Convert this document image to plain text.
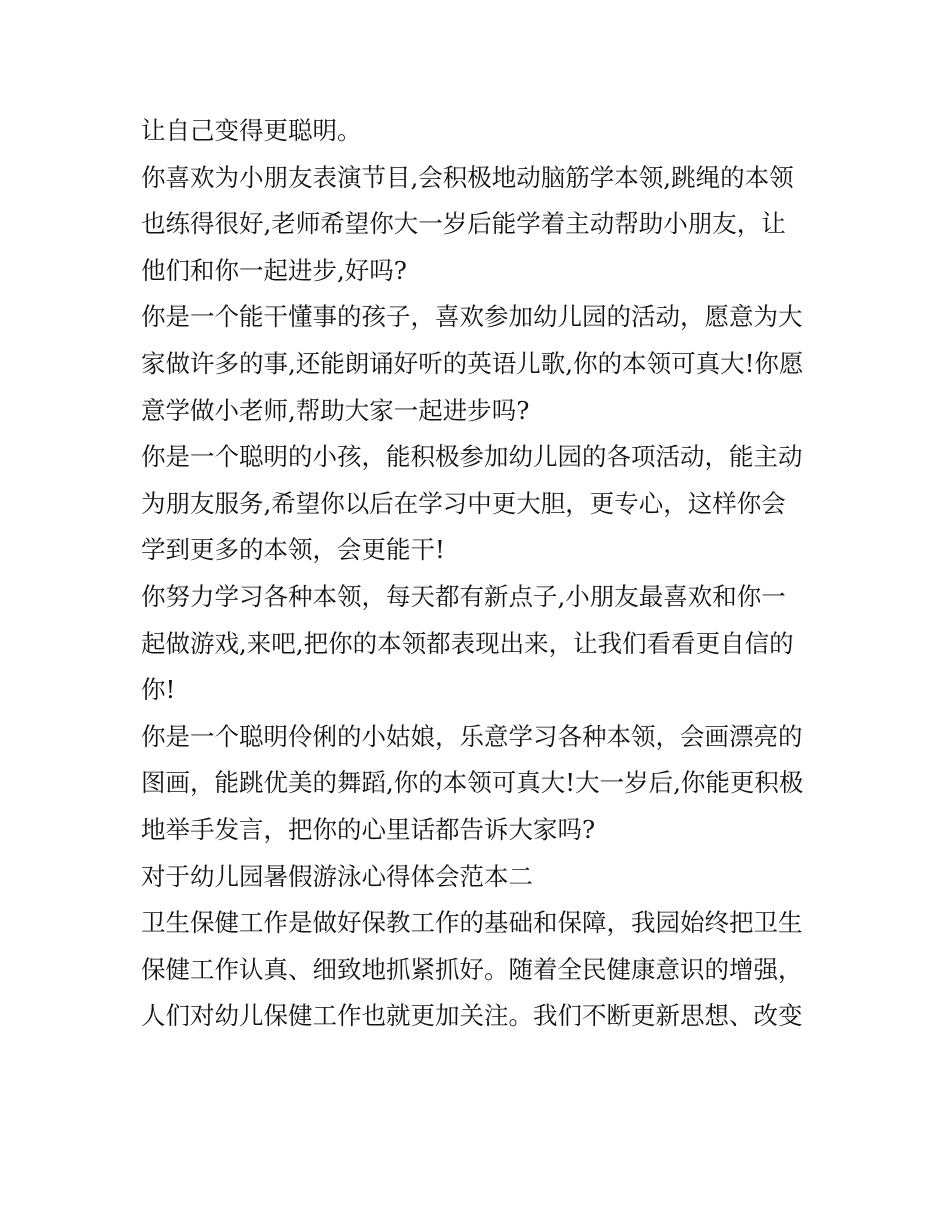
让自己变得更聪明。
你喜欢为小朋友表演节目,会积极地动脑筋学本领,跳绳的本领
也练得很好,老师希望你大一岁后能学着主动帮助小朋友，让
他们和你一起进步,好吗?
你是一个能干懂事的孩子，喜欢参加幼儿园的活动，愿意为大
家做许多的事,还能朗诵好听的英语儿歌,你的本领可真大!你愿
意学做小老师,帮助大家一起进步吗?
你是一个聪明的小孩，能积极参加幼儿园的各项活动，能主动
为朋友服务,希望你以后在学习中更大胆，更专心，这样你会
学到更多的本领，会更能干!
你努力学习各种本领，每天都有新点子,小朋友最喜欢和你一
起做游戏,来吧,把你的本领都表现出来，让我们看看更自信的
你!
你是一个聪明伶俐的小姑娘，乐意学习各种本领，会画漂亮的
图画，能跳优美的舞蹈,你的本领可真大!大一岁后,你能更积极
地举手发言，把你的心里话都告诉大家吗?
对于幼儿园暑假游泳心得体会范本二
卫生保健工作是做好保教工作的基础和保障，我园始终把卫生
保健工作认真、细致地抓紧抓好。随着全民健康意识的增强，
人们对幼儿保健工作也就更加关注。我们不断更新思想、改变
